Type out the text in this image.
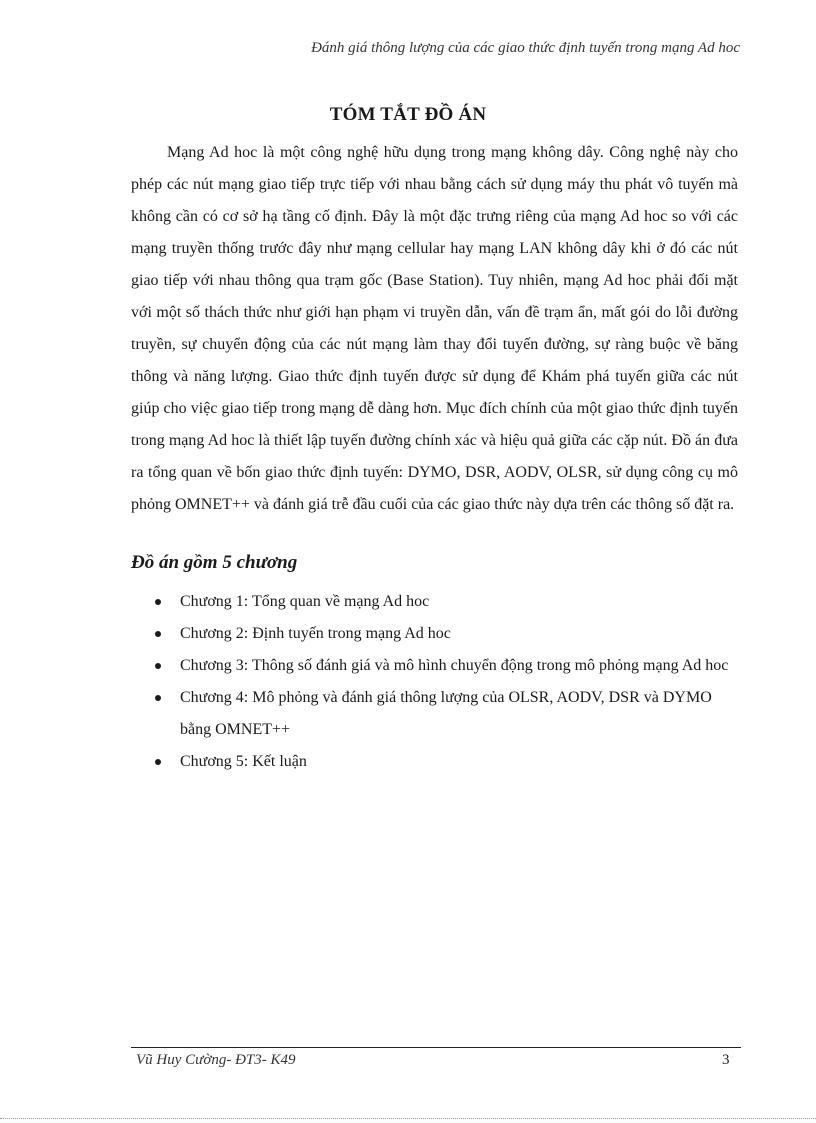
Đánh giá thông lượng của các giao thức định tuyến trong mạng Ad hoc
TÓM TẮT ĐỒ ÁN

Mạng Ad hoc là một công nghệ hữu dụng trong mạng không dây. Công nghệ này cho phép các nút mạng giao tiếp trực tiếp với nhau bằng cách sử dụng máy thu phát vô tuyến mà không cần có cơ sở hạ tầng cố định. Đây là một đặc trưng riêng của mạng Ad hoc so với các mạng truyền thống trước đây như mạng cellular hay mạng LAN không dây khi ở đó các nút giao tiếp với nhau thông qua trạm gốc (Base Station). Tuy nhiên, mạng Ad hoc phải đối mặt với một số thách thức như giới hạn phạm vi truyền dẫn, vấn đề trạm ẩn, mất gói do lỗi đường truyền, sự chuyển động của các nút mạng làm thay đổi tuyến đường, sự ràng buộc về băng thông và năng lượng. Giao thức định tuyến được sử dụng để Khám phá tuyến giữa các nút giúp cho việc giao tiếp trong mạng dễ dàng hơn. Mục đích chính của một giao thức định tuyến trong mạng Ad hoc là thiết lập tuyến đường chính xác và hiệu quả giữa các cặp nút. Đồ án đưa ra tổng quan về bốn giao thức định tuyến: DYMO, DSR, AODV, OLSR, sử dụng công cụ mô phỏng OMNET++ và đánh giá trễ đầu cuối của các giao thức này dựa trên các thông số đặt ra.

Đồ án gồm 5 chương
Chương 1: Tổng quan về mạng Ad hoc
Chương 2: Định tuyến trong mạng Ad hoc
Chương 3: Thông số đánh giá và mô hình chuyển động trong mô phỏng mạng Ad hoc
Chương 4: Mô phỏng và đánh giá thông lượng của OLSR, AODV, DSR và DYMO bằng OMNET++
Chương 5: Kết luận
Vũ Huy Cường- ĐT3- K49	3
